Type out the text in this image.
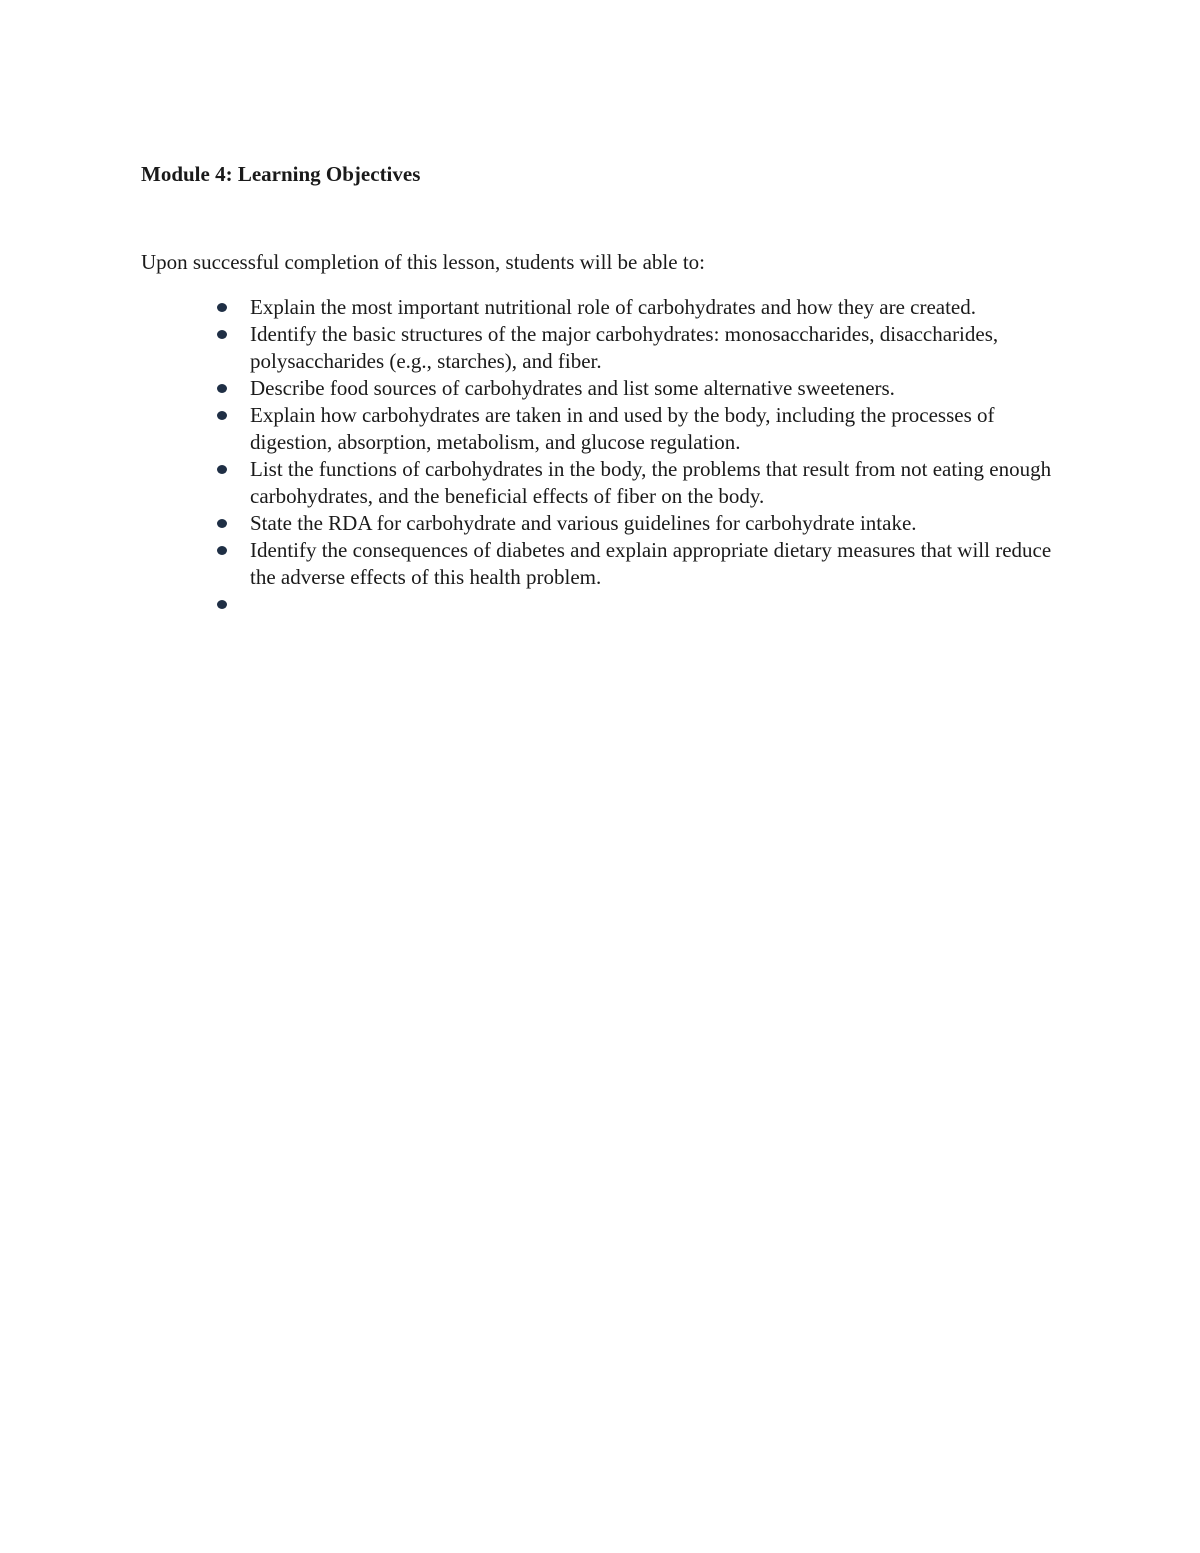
Module 4: Learning Objectives

Upon successful completion of this lesson, students will be able to:

Explain the most important nutritional role of carbohydrates and how they are created.
Identify the basic structures of the major carbohydrates: monosaccharides, disaccharides, polysaccharides (e.g., starches), and fiber.
Describe food sources of carbohydrates and list some alternative sweeteners.
Explain how carbohydrates are taken in and used by the body, including the processes of digestion, absorption, metabolism, and glucose regulation.
List the functions of carbohydrates in the body, the problems that result from not eating enough carbohydrates, and the beneficial effects of fiber on the body.
State the RDA for carbohydrate and various guidelines for carbohydrate intake.
Identify the consequences of diabetes and explain appropriate dietary measures that will reduce the adverse effects of this health problem.
